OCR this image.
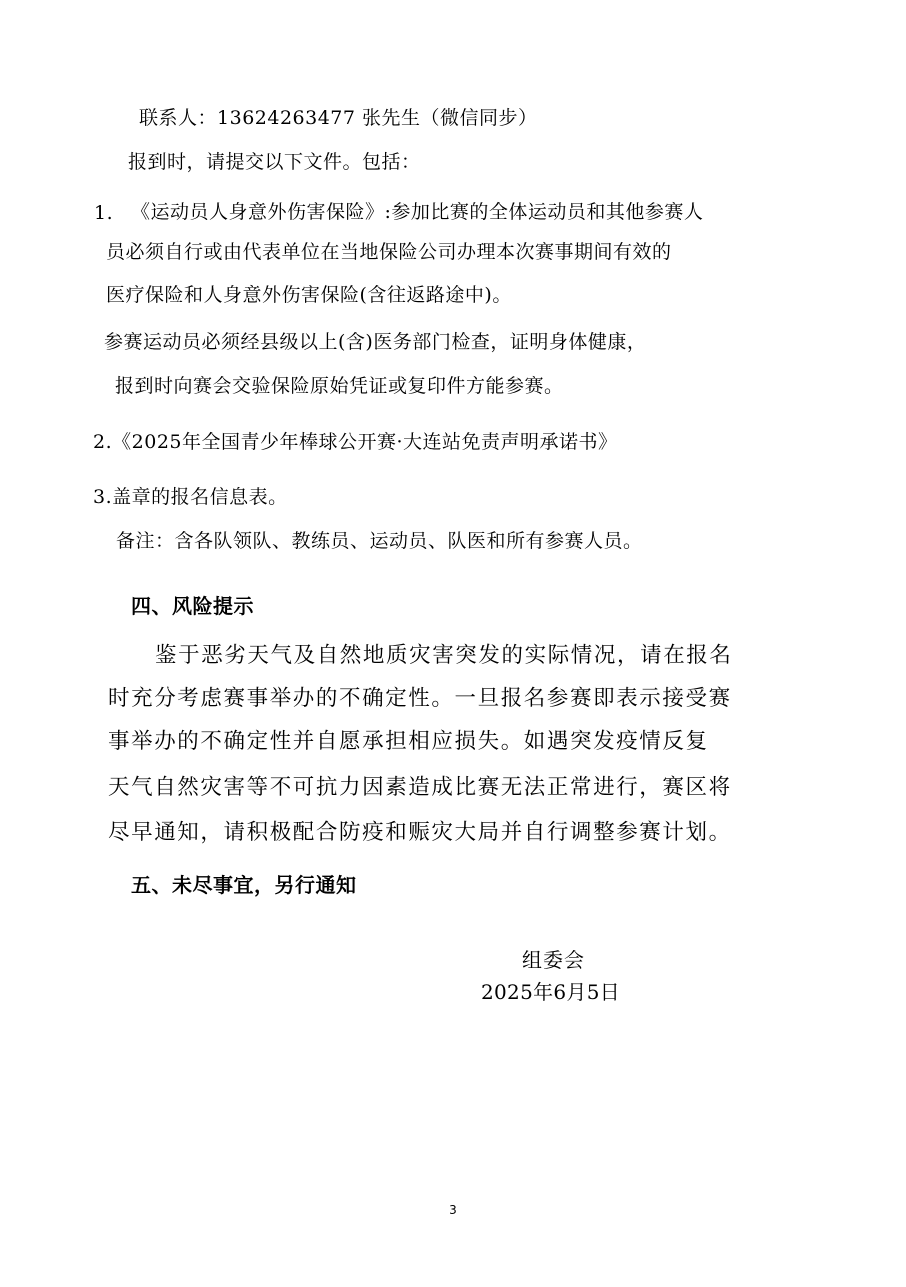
联系人：13624263477 张先生（微信同步）
报到时，请提交以下文件。包括：
1. 《运动员人身意外伤害保险》:参加比赛的全体运动员和其他参赛人
员必须自行或由代表单位在当地保险公司办理本次赛事期间有效的
医疗保险和人身意外伤害保险(含往返路途中)。
参赛运动员必须经县级以上(含)医务部门检查，证明身体健康，
报到时向赛会交验保险原始凭证或复印件方能参赛。
2.《2025年全国青少年棒球公开赛·大连站免责声明承诺书》
3.盖章的报名信息表。
备注：含各队领队、教练员、运动员、队医和所有参赛人员。
四、风险提示
鉴于恶劣天气及自然地质灾害突发的实际情况，请在报名
时充分考虑赛事举办的不确定性。一旦报名参赛即表示接受赛
事举办的不确定性并自愿承担相应损失。如遇突发疫情反复
天气自然灾害等不可抗力因素造成比赛无法正常进行，赛区将
尽早通知，请积极配合防疫和赈灾大局并自行调整参赛计划。
五、未尽事宜，另行通知
组委会
2025年6月5日
3
